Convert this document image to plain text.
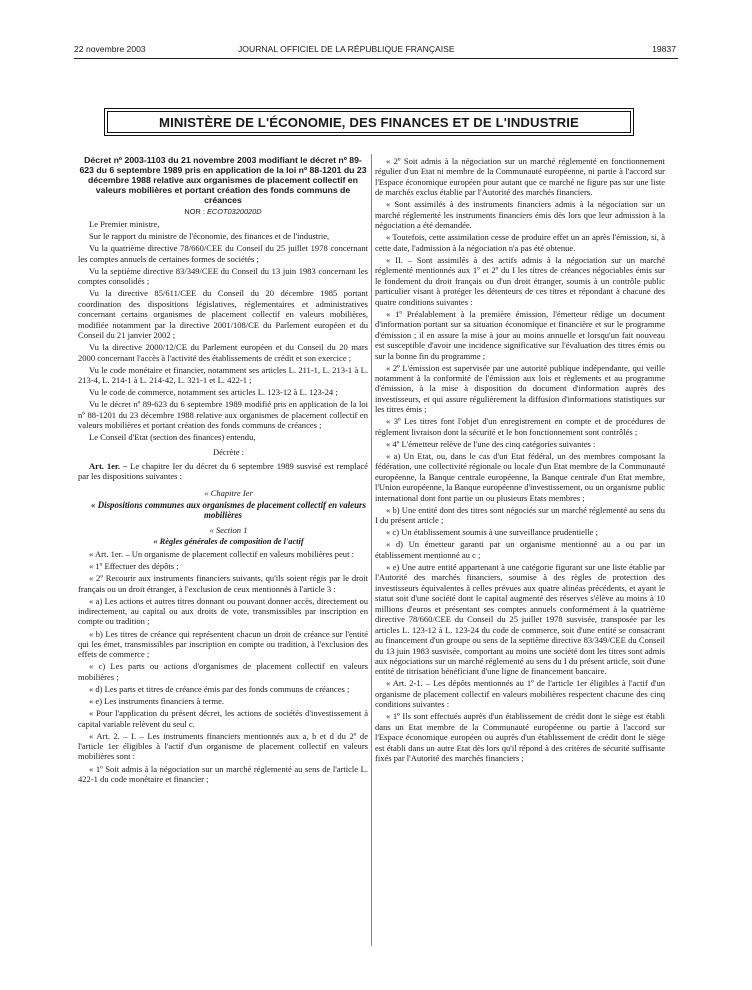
22 novembre 2003	JOURNAL OFFICIEL DE LA RÉPUBLIQUE FRANÇAISE	19837
MINISTÈRE DE L'ÉCONOMIE, DES FINANCES ET DE L'INDUSTRIE

Décret nº 2003-1103 du 21 novembre 2003 modifiant le décret nº 89-623 du 6 septembre 1989 pris en application de la loi nº 88-1201 du 23 décembre 1988 relative aux organismes de placement collectif en valeurs mobilières et portant création des fonds communs de créances

NOR : ECOT0320020D

Le Premier ministre,

Sur le rapport du ministre de l'économie, des finances et de l'industrie,

Vu la quatrième directive 78/660/CEE du Conseil du 25 juillet 1978 concernant les comptes annuels de certaines formes de sociétés ;

Vu la septième directive 83/349/CEE du Conseil du 13 juin 1983 concernant les comptes consolidés ;

Vu la directive 85/611/CEE du Conseil du 20 décembre 1985 portant coordination des dispositions législatives, réglementaires et administratives concernant certains organismes de placement collectif en valeurs mobilières, modifiée notamment par la directive 2001/108/CE du Parlement européen et du Conseil du 21 janvier 2002 ;

Vu la directive 2000/12/CE du Parlement européen et du Conseil du 20 mars 2000 concernant l'accès à l'activité des établissements de crédit et son exercice ;

Vu le code monétaire et financier, notamment ses articles L. 211-1, L. 213-1 à L. 213-4, L. 214-1 à L. 214-42, L. 321-1 et L. 422-1 ;

Vu le code de commerce, notamment ses articles L. 123-12 à L. 123-24 ;

Vu le décret nº 89-623 du 6 septembre 1989 modifié pris en application de la loi nº 88-1201 du 23 décembre 1988 relative aux organismes de placement collectif en valeurs mobilières et portant création des fonds communs de créances ;

Le Conseil d'Etat (section des finances) entendu,

Décrète :

Art. 1er. – Le chapitre Ier du décret du 6 septembre 1989 susvisé est remplacé par les dispositions suivantes :

« Chapitre Ier

« Dispositions communes aux organismes de placement collectif en valeurs mobilières

« Section 1

« Règles générales de composition de l'actif

« Art. 1er. – Un organisme de placement collectif en valeurs mobilières peut :

« 1º Effectuer des dépôts ;

« 2º Recourir aux instruments financiers suivants, qu'ils soient régis par le droit français ou un droit étranger, à l'exclusion de ceux mentionnés à l'article 3 :

« a) Les actions et autres titres donnant ou pouvant donner accès, directement ou indirectement, au capital ou aux droits de vote, transmissibles par inscription en compte ou tradition ;

« b) Les titres de créance qui représentent chacun un droit de créance sur l'entité qui les émet, transmissibles par inscription en compte ou tradition, à l'exclusion des effets de commerce ;

« c) Les parts ou actions d'organismes de placement collectif en valeurs mobilières ;

« d) Les parts et titres de créance émis par des fonds communs de créances ;

« e) Les instruments financiers à terme.

« Pour l'application du présent décret, les actions de sociétés d'investissement à capital variable relèvent du seul c.

« Art. 2. – I. – Les instruments financiers mentionnés aux a, b et d du 2º de l'article 1er éligibles à l'actif d'un organisme de placement collectif en valeurs mobilières sont :

« 1º Soit admis à la négociation sur un marché réglementé au sens de l'article L. 422-1 du code monétaire et financier ;

« 2º Soit admis à la négociation sur un marché réglementé en fonctionnement régulier d'un Etat ni membre de la Communauté européenne, ni partie à l'accord sur l'Espace économique européen pour autant que ce marché ne figure pas sur une liste de marchés exclus établie par l'Autorité des marchés financiers.

« Sont assimilés à des instruments financiers admis à la négociation sur un marché réglementé les instruments financiers émis dès lors que leur admission à la négociation a été demandée.

« Toutefois, cette assimilation cesse de produire effet un an après l'émission, si, à cette date, l'admission à la négociation n'a pas été obtenue.

« II. – Sont assimilés à des actifs admis à la négociation sur un marché réglementé mentionnés aux 1º et 2º du I les titres de créances négociables émis sur le fondement du droit français ou d'un droit étranger, soumis à un contrôle public particulier visant à protéger les détenteurs de ces titres et répondant à chacune des quatre conditions suivantes :

« 1º Préalablement à la première émission, l'émetteur rédige un document d'information portant sur sa situation économique et financière et sur le programme d'émission ; il en assure la mise à jour au moins annuelle et lorsqu'un fait nouveau est susceptible d'avoir une incidence significative sur l'évaluation des titres émis ou sur la bonne fin du programme ;

« 2º L'émission est supervisée par une autorité publique indépendante, qui veille notamment à la conformité de l'émission aux lois et règlements et au programme d'émission, à la mise à disposition du document d'information auprès des investisseurs, et qui assure régulièrement la diffusion d'informations statistiques sur les titres émis ;

« 3º Les titres font l'objet d'un enregistrement en compte et de procédures de règlement livraison dont la sécurité et le bon fonctionnement sont contrôlés ;

« 4º L'émetteur relève de l'une des cinq catégories suivantes :

« a) Un Etat, ou, dans le cas d'un Etat fédéral, un des membres composant la fédération, une collectivité régionale ou locale d'un Etat membre de la Communauté européenne, la Banque centrale européenne, la Banque centrale d'un Etat membre, l'Union européenne, la Banque européenne d'investissement, ou un organisme public international dont font partie un ou plusieurs Etats membres ;

« b) Une entité dont des titres sont négociés sur un marché réglementé au sens du I du présent article ;

« c) Un établissement soumis à une surveillance prudentielle ;

« d) Un émetteur garanti par un organisme mentionné au a ou par un établissement mentionné au c ;

« e) Une autre entité appartenant à une catégorie figurant sur une liste établie par l'Autorité des marchés financiers, soumise à des règles de protection des investisseurs équivalentes à celles prévues aux quatre alinéas précédents, et ayant le statut soit d'une société dont le capital augmenté des réserves s'élève au moins à 10 millions d'euros et présentant ses comptes annuels conformément à la quatrième directive 78/660/CEE du Conseil du 25 juillet 1978 susvisée, transposée par les articles L. 123-12 à L. 123-24 du code de commerce, soit d'une entité se consacrant au financement d'un groupe ou sens de la septième directive 83/349/CEE du Conseil du 13 juin 1983 susvisée, comportant au moins une société dont les titres sont admis aux négociations sur un marché réglementé au sens du I du présent article, soit d'une entité de titrisation bénéficiant d'une ligne de financement bancaire.

« Art. 2-1. – Les dépôts mentionnés au 1º de l'article 1er éligibles à l'actif d'un organisme de placement collectif en valeurs mobilières respectent chacune des cinq conditions suivantes :

« 1º Ils sont effectués auprès d'un établissement de crédit dont le siège est établi dans un Etat membre de la Communauté européenne ou partie à l'accord sur l'Espace économique européen ou auprès d'un établissement de crédit dont le siège est établi dans un autre Etat dès lors qu'il répond à des critères de sécurité suffisante fixés par l'Autorité des marchés financiers ;
